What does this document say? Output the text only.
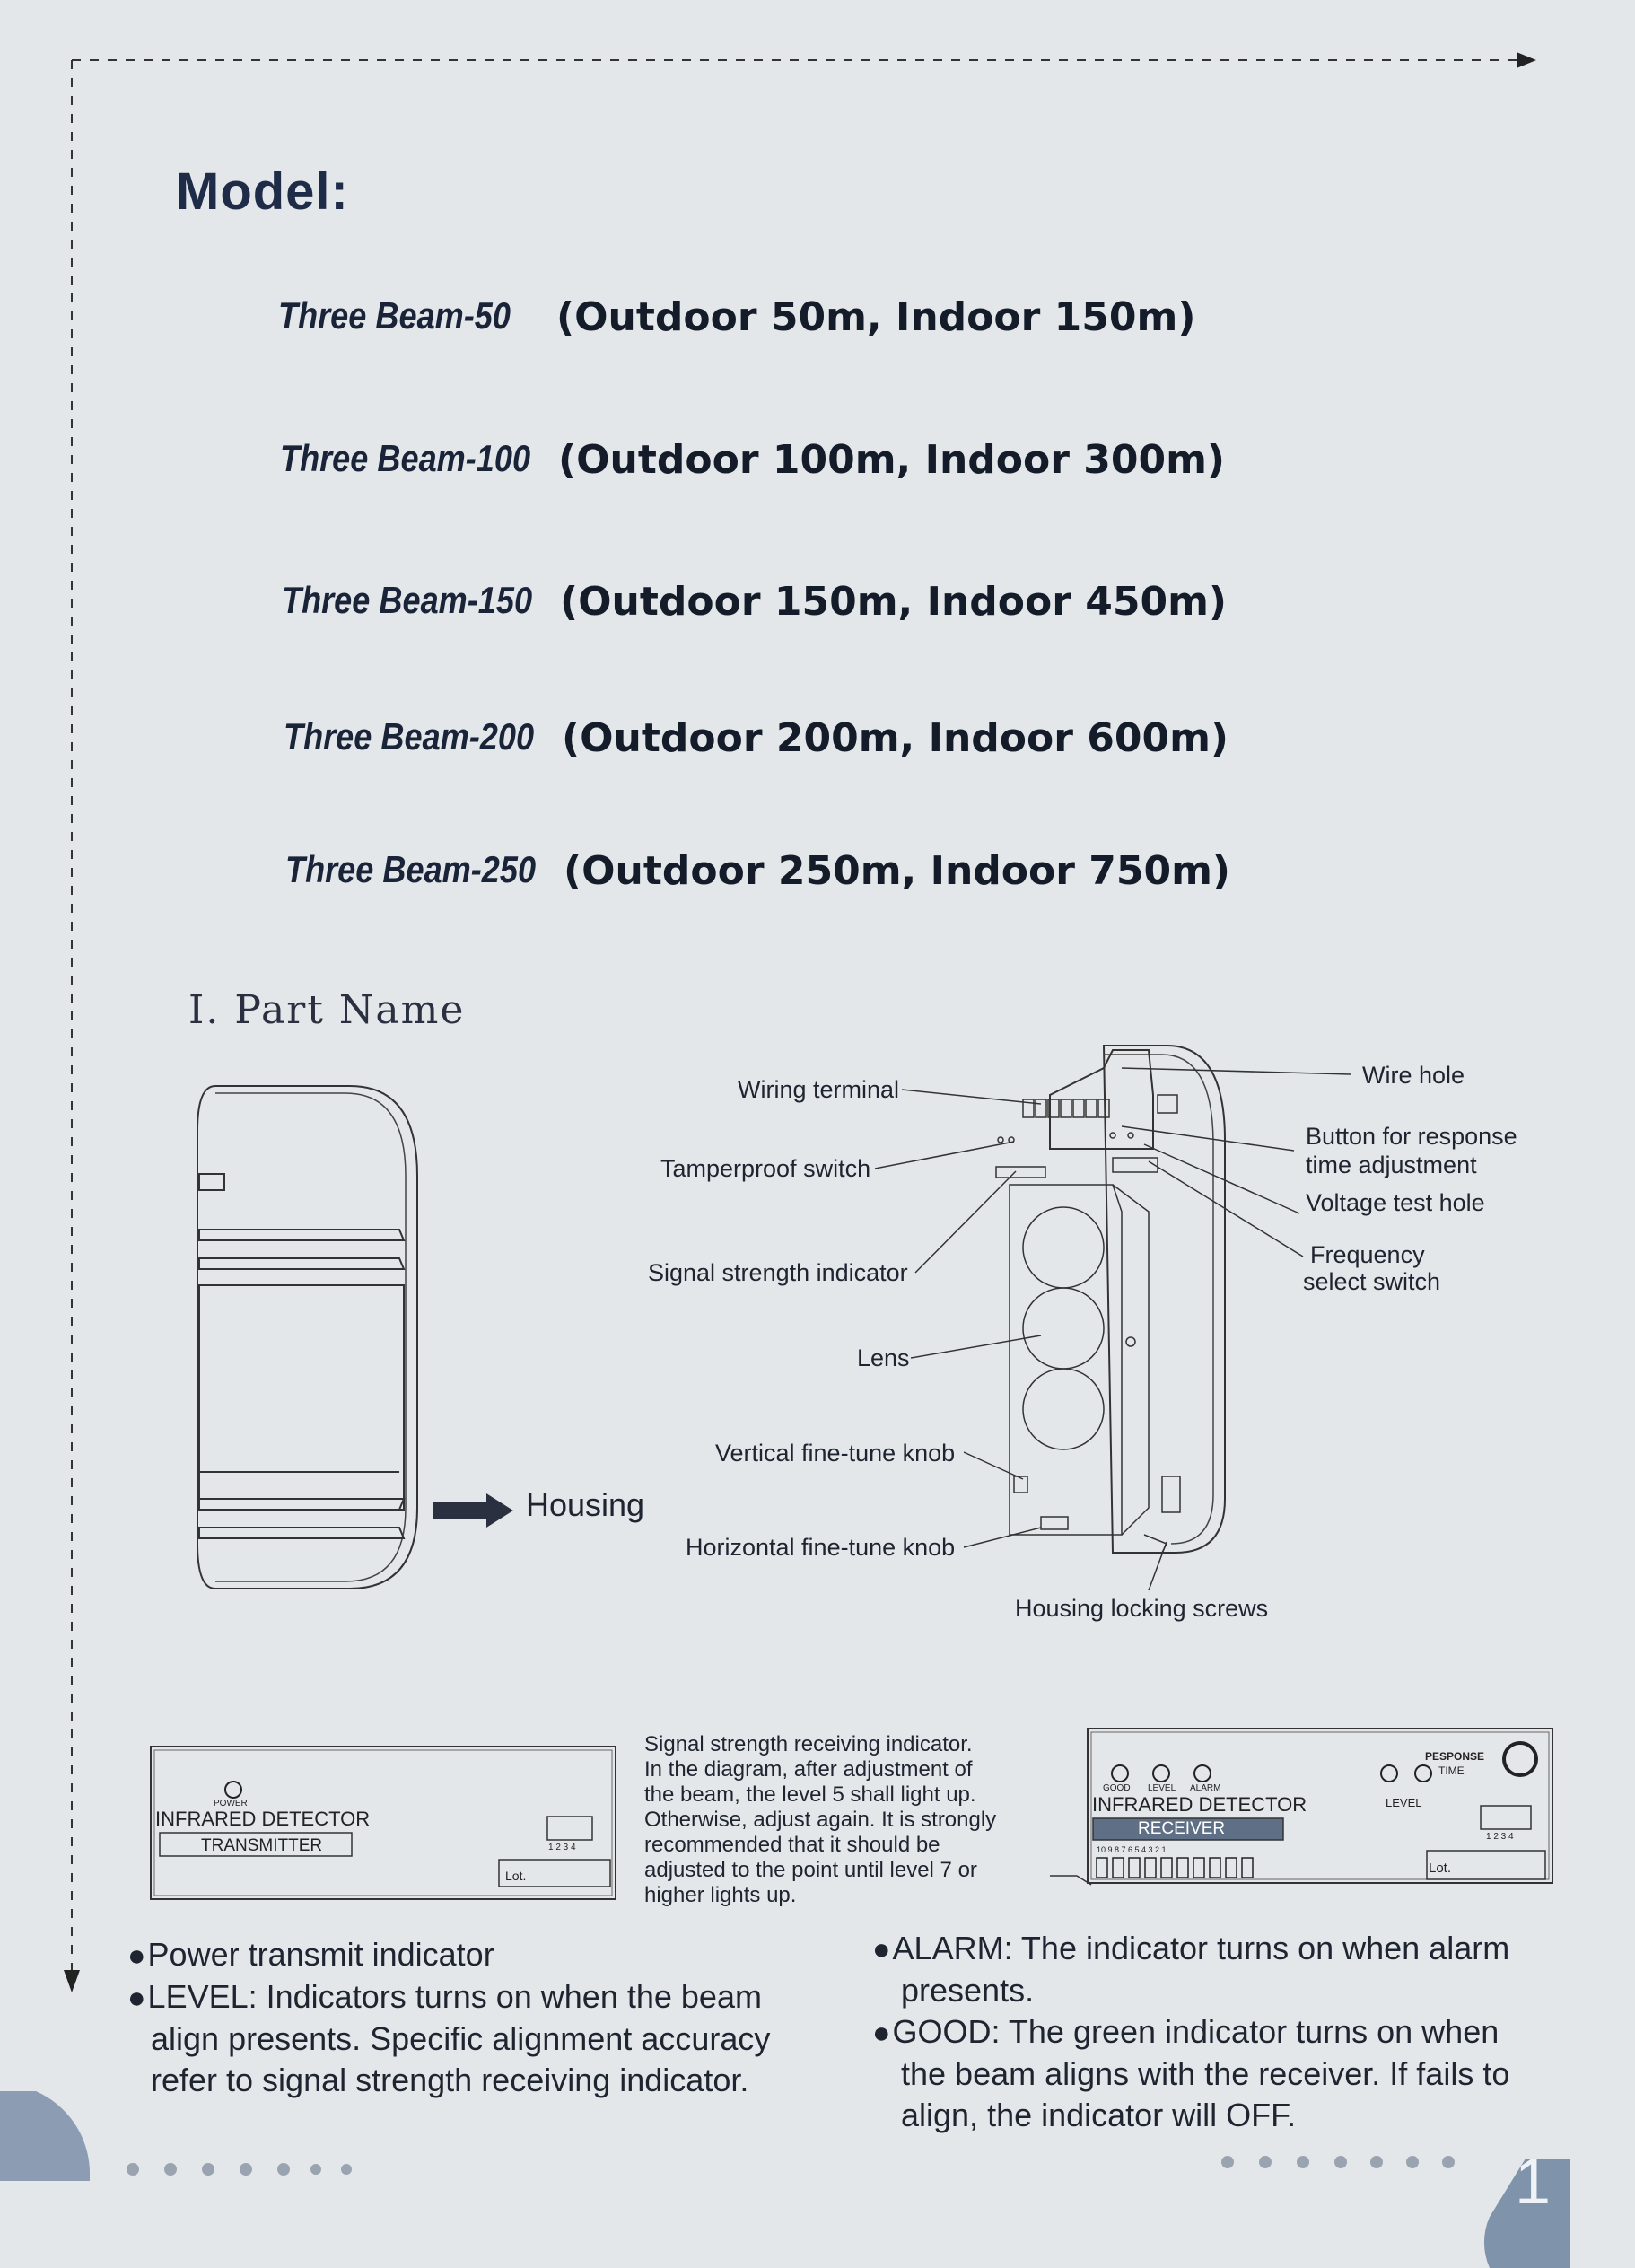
Model:
Three Beam-50 (Outdoor 50m, Indoor 150m)
Three Beam-100 (Outdoor 100m, Indoor 300m)
Three Beam-150 (Outdoor 150m, Indoor 450m)
Three Beam-200 (Outdoor 200m, Indoor 600m)
Three Beam-250 (Outdoor 250m, Indoor 750m)
I. Part Name
Housing
Wiring terminal
Tamperproof switch
Signal strength indicator
Lens
Vertical fine-tune knob
Horizontal fine-tune knob
Housing locking screws
Wire hole
Button for response
time adjustment
Voltage test hole
Frequency
select switch
POWER
INFRARED DETECTOR
TRANSMITTER	1 2 3 4
Lot.
Signal strength receiving indicator.
In the diagram, after adjustment of
the beam, the level 5 shall light up.
Otherwise, adjust again. It is strongly
recommended that it should be
adjusted to the point until level 7 or
higher lights up.
GOOD LEVEL ALARM
PESPONSE
TIME
LEVEL
INFRARED DETECTOR
RECEIVER
10 9 8 7 6 5 4 3 2 1
1 2 3 4
Lot.
●Power transmit indicator
●LEVEL: Indicators turns on when the beam
align presents. Specific alignment accuracy
refer to signal strength receiving indicator.
●ALARM: The indicator turns on when alarm
presents.
●GOOD: The green indicator turns on when
the beam aligns with the receiver. If fails to
align, the indicator will OFF.
1
